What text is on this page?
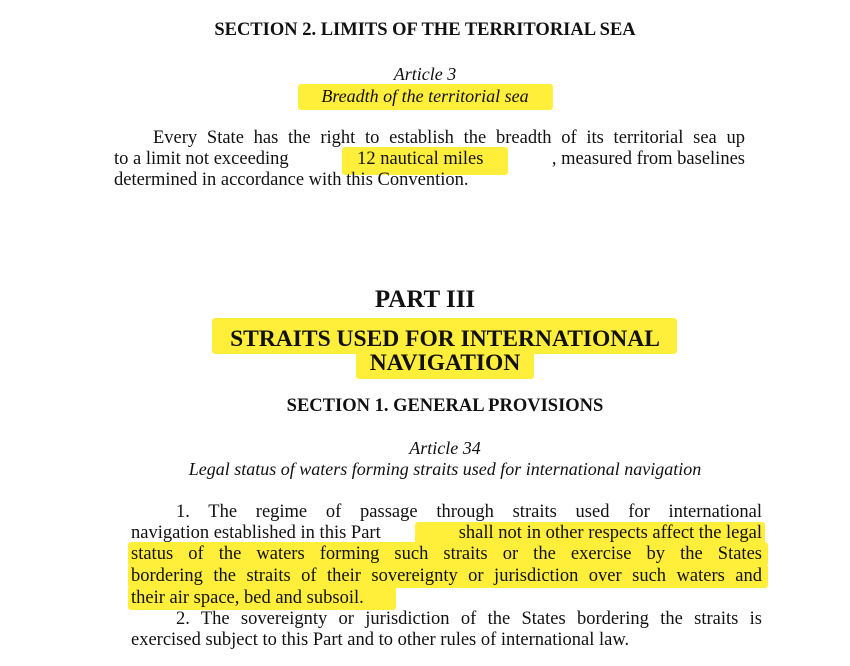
SECTION 2. LIMITS OF THE TERRITORIAL SEA
Article 3
Breadth of the territorial sea
Every State has the right to establish the breadth of its territorial sea up
to a limit not exceeding	12 nautical miles	, measured from baselines
determined in accordance with this Convention.
PART III
STRAITS USED FOR INTERNATIONAL
NAVIGATION
SECTION 1. GENERAL PROVISIONS
Article 34
Legal status of waters forming straits used for international navigation
1. The regime of passage through straits used for international
navigation established in this Part	shall not in other respects affect the legal
status of the waters forming such straits or the exercise by the States
bordering the straits of their sovereignty or jurisdiction over such waters and
their air space, bed and subsoil.
2. The sovereignty or jurisdiction of the States bordering the straits is
exercised subject to this Part and to other rules of international law.
